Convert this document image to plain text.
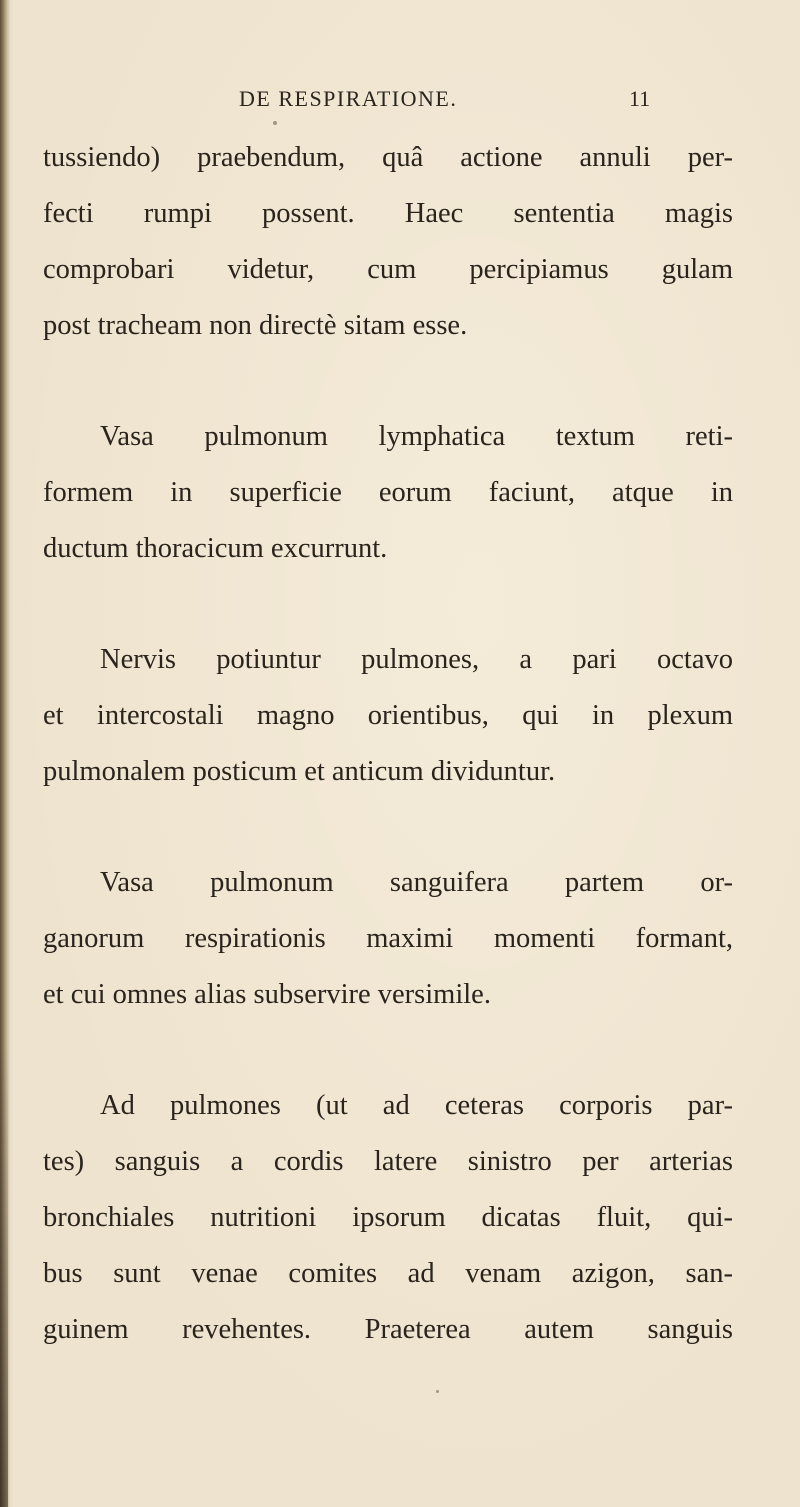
DE RESPIRATIONE.	11
tussiendo) praebendum, quâ actione annuli per-
fecti rumpi possent. Haec sententia magis
comprobari videtur, cum percipiamus gulam
post tracheam non directè sitam esse.
Vasa pulmonum lymphatica textum reti-
formem in superficie eorum faciunt, atque in
ductum thoracicum excurrunt.
Nervis potiuntur pulmones, a pari octavo
et intercostali magno orientibus, qui in plexum
pulmonalem posticum et anticum dividuntur.
Vasa pulmonum sanguifera partem or-
ganorum respirationis maximi momenti formant,
et cui omnes alias subservire versimile.
Ad pulmones (ut ad ceteras corporis par-
tes) sanguis a cordis latere sinistro per arterias
bronchiales nutritioni ipsorum dicatas fluit, qui-
bus sunt venae comites ad venam azigon, san-
guinem revehentes. Praeterea autem sanguis
